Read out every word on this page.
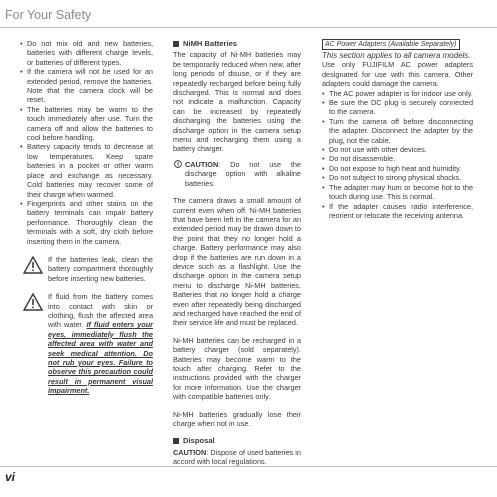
For Your Safety
• Do not mix old and new batteries, batteries with different charge levels, or batteries of different types.
• If the camera will not be used for an extended period, remove the batteries. Note that the camera clock will be reset.
• The batteries may be warm to the touch immediately after use. Turn the camera off and allow the batteries to cool before handling.
• Battery capacity tends to decrease at low temperatures. Keep spare batteries in a pocket or other warm place and exchange as necessary. Cold batteries may recover some of their charge when warmed.
• Fingerprints and other stains on the battery terminals can impair battery performance. Thoroughly clean the terminals with a soft, dry cloth before inserting them in the camera.

If the batteries leak, clean the battery compartment thoroughly before inserting new batteries.

If fluid from the battery comes into contact with skin or clothing, flush the affected area with water. If fluid enters your eyes, immediately flush the affected area with water and seek medical attention. Do not rub your eyes. Failure to observe this precaution could result in permanent visual impairment.

NiMH Batteries

The capacity of Ni-MH batteries may be temporarily reduced when new, after long periods of disuse, or if they are repeatedly recharged before being fully discharged. This is normal and does not indicate a malfunction. Capacity can be increased by repeatedly discharging the batteries using the discharge option in the camera setup menu and recharging them using a battery charger.

CAUTION: Do not use the discharge option with alkaline batteries.

The camera draws a small amount of current even when off. Ni-MH batteries that have been left in the camera for an extended period may be drawn down to the point that they no longer hold a charge. Battery performance may also drop if the batteries are run down in a device such as a flashlight. Use the discharge option in the camera setup menu to discharge Ni-MH batteries. Batteries that no longer hold a charge even after repeatedly being discharged and recharged have reached the end of their service life and must be replaced.

Ni-MH batteries can be recharged in a battery charger (sold separately). Batteries may become warm to the touch after charging. Refer to the instructions provided with the charger for more information. Use the charger with compatible batteries only.

Ni-MH batteries gradually lose their charge when not in use.

Disposal

CAUTION: Dispose of used batteries in accord with local regulations.

AC Power Adapters (Available Separately)
This section applies to all camera models.

Use only FUJIFILM AC power adapters designated for use with this camera. Other adapters could damage the camera.

• The AC power adapter is for indoor use only.
• Be sure the DC plug is securely connected to the camera.
• Turn the camera off before disconnecting the adapter. Disconnect the adapter by the plug, not the cable.
• Do not use with other devices.
• Do not disassemble.
• Do not expose to high heat and humidity.
• Do not subject to strong physical shocks.
• The adapter may hum or become hot to the touch during use. This is normal.
• If the adapter causes radio interference, reorient or relocate the receiving antenna.
vi
